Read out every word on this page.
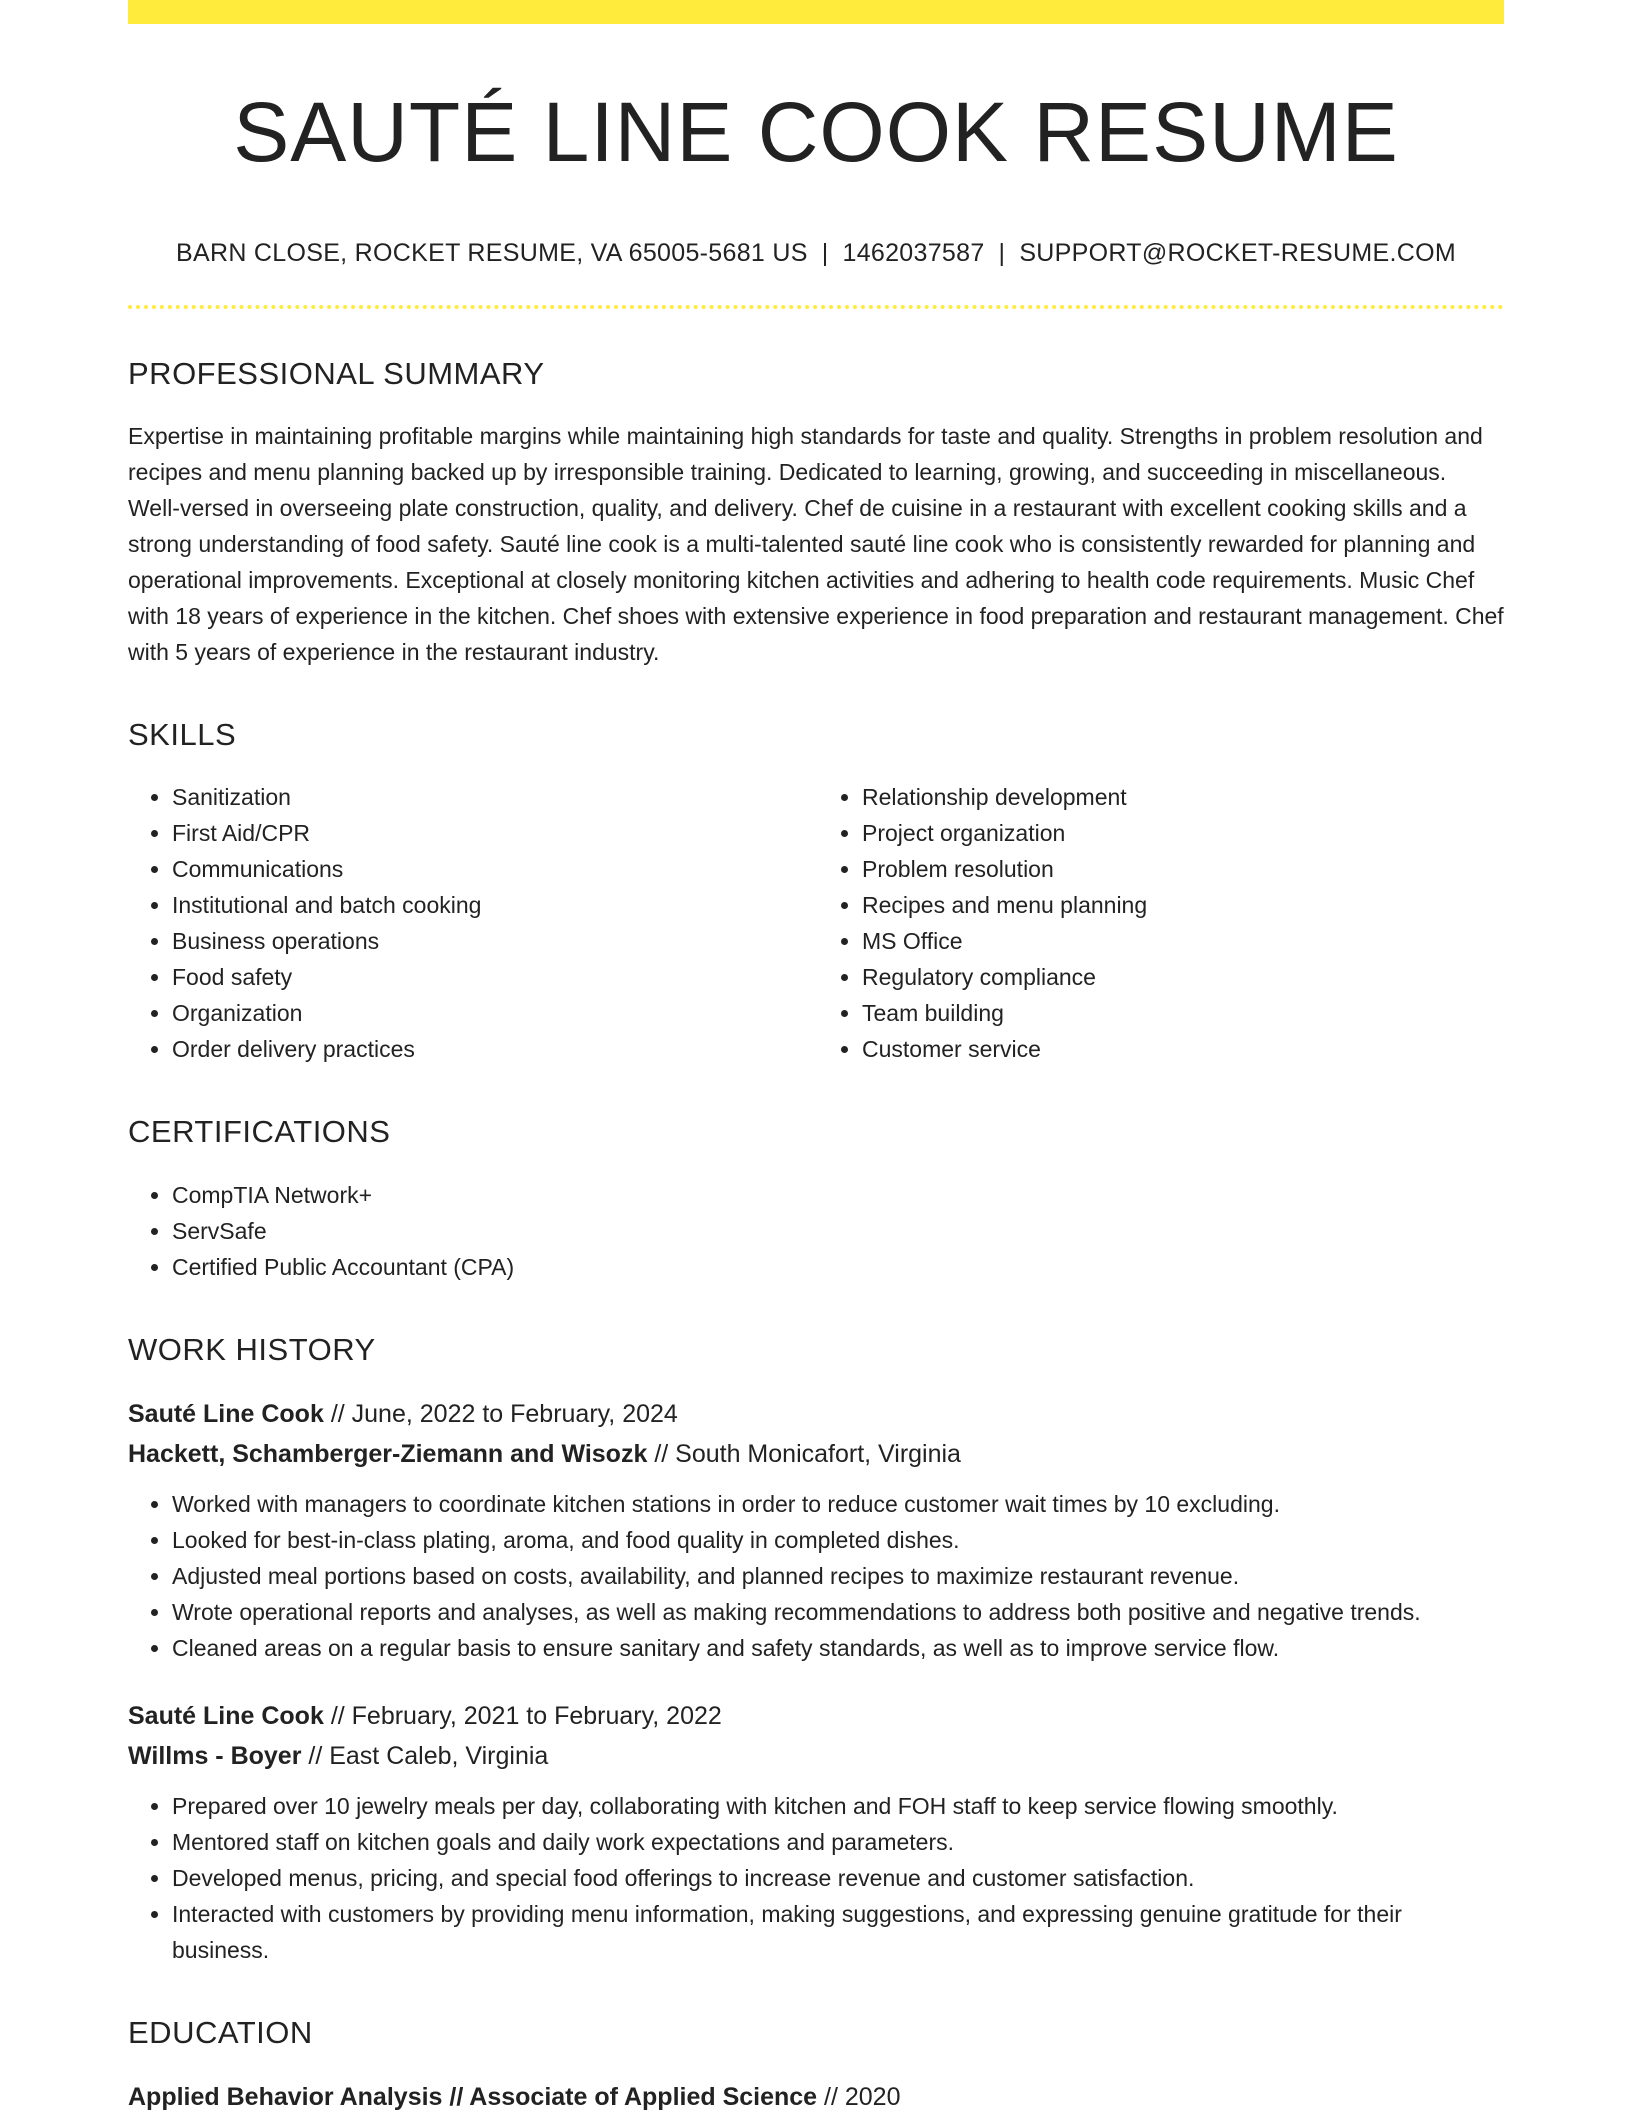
SAUTÉ LINE COOK RESUME
BARN CLOSE, ROCKET RESUME, VA 65005-5681 US | 1462037587 | SUPPORT@ROCKET-RESUME.COM
PROFESSIONAL SUMMARY

Expertise in maintaining profitable margins while maintaining high standards for taste and quality. Strengths in problem resolution and recipes and menu planning backed up by irresponsible training. Dedicated to learning, growing, and succeeding in miscellaneous. Well-versed in overseeing plate construction, quality, and delivery. Chef de cuisine in a restaurant with excellent cooking skills and a strong understanding of food safety. Sauté line cook is a multi-talented sauté line cook who is consistently rewarded for planning and operational improvements. Exceptional at closely monitoring kitchen activities and adhering to health code requirements. Music Chef with 18 years of experience in the kitchen. Chef shoes with extensive experience in food preparation and restaurant management. Chef with 5 years of experience in the restaurant industry.

SKILLS
• Sanitization
• First Aid/CPR
• Communications
• Institutional and batch cooking
• Business operations
• Food safety
• Organization
• Order delivery practices
• Relationship development
• Project organization
• Problem resolution
• Recipes and menu planning
• MS Office
• Regulatory compliance
• Team building
• Customer service
CERTIFICATIONS
• CompTIA Network+
• ServSafe
• Certified Public Accountant (CPA)
WORK HISTORY
Sauté Line Cook // June, 2022 to February, 2024
Hackett, Schamberger-Ziemann and Wisozk // South Monicafort, Virginia
• Worked with managers to coordinate kitchen stations in order to reduce customer wait times by 10 excluding.
• Looked for best-in-class plating, aroma, and food quality in completed dishes.
• Adjusted meal portions based on costs, availability, and planned recipes to maximize restaurant revenue.
• Wrote operational reports and analyses, as well as making recommendations to address both positive and negative trends.
• Cleaned areas on a regular basis to ensure sanitary and safety standards, as well as to improve service flow.
Sauté Line Cook // February, 2021 to February, 2022
Willms - Boyer // East Caleb, Virginia
• Prepared over 10 jewelry meals per day, collaborating with kitchen and FOH staff to keep service flowing smoothly.
• Mentored staff on kitchen goals and daily work expectations and parameters.
• Developed menus, pricing, and special food offerings to increase revenue and customer satisfaction.
• Interacted with customers by providing menu information, making suggestions, and expressing genuine gratitude for their business.
EDUCATION
Applied Behavior Analysis // Associate of Applied Science // 2020
